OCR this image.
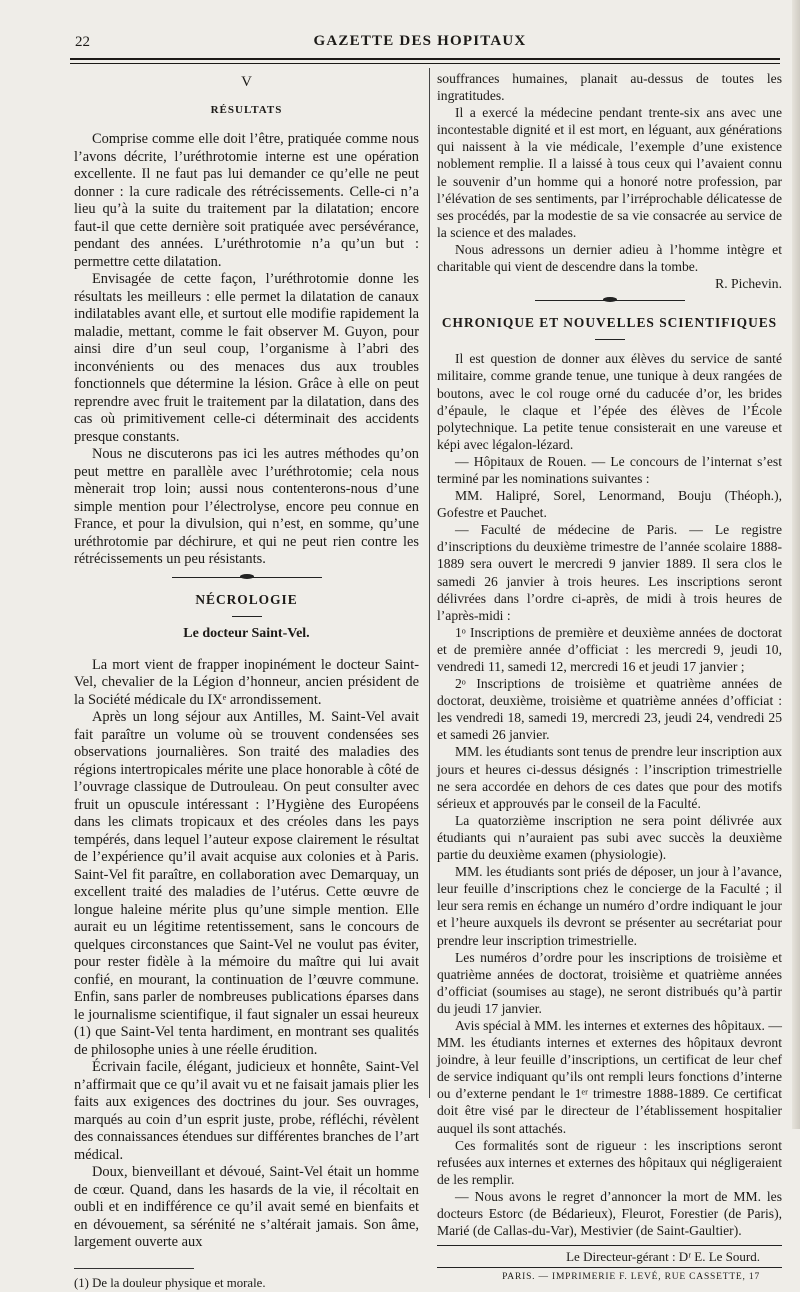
22	GAZETTE DES HOPITAUX
V
RÉSULTATS

Comprise comme elle doit l’être, pratiquée comme nous l’avons décrite, l’uréthrotomie interne est une opération excellente. Il ne faut pas lui demander ce qu’elle ne peut donner : la cure radicale des rétrécissements. Celle-ci n’a lieu qu’à la suite du traitement par la dilatation; encore faut-il que cette dernière soit pratiquée avec persévérance, pendant des années. L’uréthrotomie n’a qu’un but : permettre cette dilatation.

Envisagée de cette façon, l’uréthrotomie donne les résultats les meilleurs : elle permet la dilatation de canaux indilatables avant elle, et surtout elle modifie rapidement la maladie, mettant, comme le fait observer M. Guyon, pour ainsi dire d’un seul coup, l’organisme à l’abri des inconvénients ou des menaces dus aux troubles fonctionnels que détermine la lésion. Grâce à elle on peut reprendre avec fruit le traitement par la dilatation, dans des cas où primitivement celle-ci déterminait des accidents presque constants.

Nous ne discuterons pas ici les autres méthodes qu’on peut mettre en parallèle avec l’uréthrotomie; cela nous mènerait trop loin; aussi nous contenterons-nous d’une simple mention pour l’électrolyse, encore peu connue en France, et pour la divulsion, qui n’est, en somme, qu’une uréthrotomie par déchirure, et qui ne peut rien contre les rétrécissements un peu résistants.

NÉCROLOGIE
Le docteur Saint-Vel.

La mort vient de frapper inopinément le docteur Saint-Vel, chevalier de la Légion d’honneur, ancien président de la Société médicale du IXᵉ arrondissement.

Après un long séjour aux Antilles, M. Saint-Vel avait fait paraître un volume où se trouvent condensées ses observations journalières. Son traité des maladies des régions intertropicales mérite une place honorable à côté de l’ouvrage classique de Dutrouleau. On peut consulter avec fruit un opuscule intéressant : l’Hygiène des Européens dans les climats tropicaux et des créoles dans les pays tempérés, dans lequel l’auteur expose clairement le résultat de l’expérience qu’il avait acquise aux colonies et à Paris. Saint-Vel fit paraître, en collaboration avec Demarquay, un excellent traité des maladies de l’utérus. Cette œuvre de longue haleine mérite plus qu’une simple mention. Elle aurait eu un légitime retentissement, sans le concours de quelques circonstances que Saint-Vel ne voulut pas éviter, pour rester fidèle à la mémoire du maître qui lui avait confié, en mourant, la continuation de l’œuvre commune. Enfin, sans parler de nombreuses publications éparses dans le journalisme scientifique, il faut signaler un essai heureux (1) que Saint-Vel tenta hardiment, en montrant ses qualités de philosophe unies à une réelle érudition.

Écrivain facile, élégant, judicieux et honnête, Saint-Vel n’affirmait que ce qu’il avait vu et ne faisait jamais plier les faits aux exigences des doctrines du jour. Ses ouvrages, marqués au coin d’un esprit juste, probe, réfléchi, révèlent des connaissances étendues sur différentes branches de l’art médical.

Doux, bienveillant et dévoué, Saint-Vel était un homme de cœur. Quand, dans les hasards de la vie, il récoltait en oubli et en indifférence ce qu’il avait semé en bienfaits et en dévouement, sa sérénité ne s’altérait jamais. Son âme, largement ouverte aux

(1) De la douleur physique et morale.

souffrances humaines, planait au-dessus de toutes les ingratitudes.

Il a exercé la médecine pendant trente-six ans avec une incontestable dignité et il est mort, en léguant, aux générations qui naissent à la vie médicale, l’exemple d’une existence noblement remplie. Il a laissé à tous ceux qui l’avaient connu le souvenir d’un homme qui a honoré notre profession, par l’élévation de ses sentiments, par l’irréprochable délicatesse de ses procédés, par la modestie de sa vie consacrée au service de la science et des malades.

Nous adressons un dernier adieu à l’homme intègre et charitable qui vient de descendre dans la tombe.

R. Pichevin.
CHRONIQUE ET NOUVELLES SCIENTIFIQUES

Il est question de donner aux élèves du service de santé militaire, comme grande tenue, une tunique à deux rangées de boutons, avec le col rouge orné du caducée d’or, les brides d’épaule, le claque et l’épée des élèves de l’École polytechnique. La petite tenue consisterait en une vareuse et képi avec légalon-lézard.

— Hôpitaux de Rouen. — Le concours de l’internat s’est terminé par les nominations suivantes :

MM. Halipré, Sorel, Lenormand, Bouju (Théoph.), Gofestre et Pauchet.

— Faculté de médecine de Paris. — Le registre d’inscriptions du deuxième trimestre de l’année scolaire 1888-1889 sera ouvert le mercredi 9 janvier 1889. Il sera clos le samedi 26 janvier à trois heures. Les inscriptions seront délivrées dans l’ordre ci-après, de midi à trois heures de l’après-midi :

1ᵒ Inscriptions de première et deuxième années de doctorat et de première année d’officiat : les mercredi 9, jeudi 10, vendredi 11, samedi 12, mercredi 16 et jeudi 17 janvier ;

2ᵒ Inscriptions de troisième et quatrième années de doctorat, deuxième, troisième et quatrième années d’officiat : les vendredi 18, samedi 19, mercredi 23, jeudi 24, vendredi 25 et samedi 26 janvier.

MM. les étudiants sont tenus de prendre leur inscription aux jours et heures ci-dessus désignés : l’inscription trimestrielle ne sera accordée en dehors de ces dates que pour des motifs sérieux et approuvés par le conseil de la Faculté.

La quatorzième inscription ne sera point délivrée aux étudiants qui n’auraient pas subi avec succès la deuxième partie du deuxième examen (physiologie).

MM. les étudiants sont priés de déposer, un jour à l’avance, leur feuille d’inscriptions chez le concierge de la Faculté ; il leur sera remis en échange un numéro d’ordre indiquant le jour et l’heure auxquels ils devront se présenter au secrétariat pour prendre leur inscription trimestrielle.

Les numéros d’ordre pour les inscriptions de troisième et quatrième années de doctorat, troisième et quatrième années d’officiat (soumises au stage), ne seront distribués qu’à partir du jeudi 17 janvier.

Avis spécial à MM. les internes et externes des hôpitaux. — MM. les étudiants internes et externes des hôpitaux devront joindre, à leur feuille d’inscriptions, un certificat de leur chef de service indiquant qu’ils ont rempli leurs fonctions d’interne ou d’externe pendant le 1ᵉʳ trimestre 1888-1889. Ce certificat doit être visé par le directeur de l’établissement hospitalier auquel ils sont attachés.

Ces formalités sont de rigueur : les inscriptions seront refusées aux internes et externes des hôpitaux qui négligeraient de les remplir.

— Nous avons le regret d’annoncer la mort de MM. les docteurs Estorc (de Bédarieux), Fleurot, Forestier (de Paris), Marié (de Callas-du-Var), Mestivier (de Saint-Gaultier).

Le Directeur-gérant : Dʳ E. Le Sourd.
PARIS. — IMPRIMERIE F. LEVÉ, RUE CASSETTE, 17
